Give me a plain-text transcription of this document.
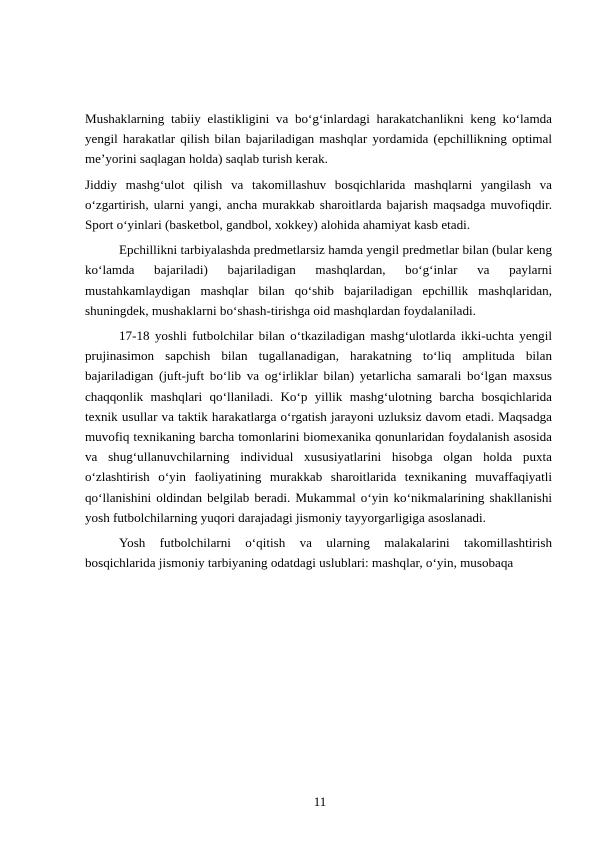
Mushaklarning tabiiy elastikligini va bo‘g‘inlardagi harakatchanlikni keng ko‘lamda yengil harakatlar qilish bilan bajariladigan mashqlar yordamida (epchillikning optimal me’yorini saqlagan holda) saqlab turish kerak.

Jiddiy mashg‘ulot qilish va takomillashuv bosqichlarida mashqlarni yangilash va o‘zgartirish, ularni yangi, ancha murakkab sharoitlarda bajarish maqsadga muvofiqdir. Sport o‘yinlari (basketbol, gandbol, xokkey) alohida ahamiyat kasb etadi.

Epchillikni tarbiyalashda predmetlarsiz hamda yengil predmetlar bilan (bular keng ko‘lamda bajariladi) bajariladigan mashqlardan, bo‘g‘inlar va paylarni mustahkamlaydigan mashqlar bilan qo‘shib bajariladigan epchillik mashqlaridan, shuningdek, mushaklarni bo‘shash-tirishga oid mashqlardan foydalaniladi.

17-18 yoshli futbolchilar bilan o‘tkaziladigan mashg‘ulotlarda ikki-uchta yengil prujinasimon sapchish bilan tugallanadigan, harakatning to‘liq amplituda bilan bajariladigan (juft-juft bo‘lib va og‘irliklar bilan) yetarlicha samarali bo‘lgan maxsus chaqqonlik mashqlari qo‘llaniladi. Ko‘p yillik mashg‘ulotning barcha bosqichlarida texnik usullar va taktik harakatlarga o‘rgatish jarayoni uzluksiz davom etadi. Maqsadga muvofiq texnikaning barcha tomonlarini biomexanika qonunlaridan foydalanish asosida va shug‘ullanuvchilarning individual xususiyatlarini hisobga olgan holda puxta o‘zlashtirish o‘yin faoliyatining murakkab sharoitlarida texnikaning muvaffaqiyatli qo‘llanishini oldindan belgilab beradi. Mukammal o‘yin ko‘nikmalarining shakllanishi yosh futbolchilarning yuqori darajadagi jismoniy tayyorgarligiga asoslanadi.

Yosh futbolchilarni o‘qitish va ularning malakalarini takomillashtirish bosqichlarida jismoniy tarbiyaning odatdagi uslublari: mashqlar, o‘yin, musobaqa

11
